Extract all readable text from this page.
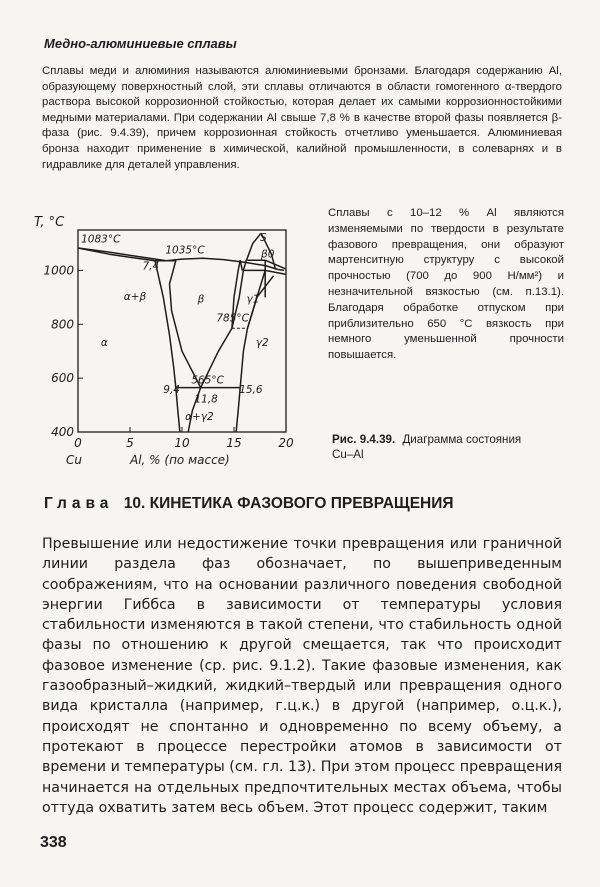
Медно-алюминиевые сплавы
Сплавы меди и алюминия называются алюминиевыми бронзами. Благодаря содержанию Al, образующему поверхностный слой, эти сплавы отличаются в области гомогенного α-твердого раствора высокой коррозионной стойкостью, которая делает их самыми коррозионностойкими медными материалами. При содержании Al свыше 7,8 % в качестве второй фазы появляется β-фаза (рис. 9.4.39), причем коррозионная стойкость отчетливо уменьшается. Алюминиевая бронза находит применение в химической, калийной промышленности, в солеварнях и в гидравлике для деталей управления.
0	5	10	15	20
400
600
800
1000
T, °C
Cu	Al, % (по массе)
1083°C
1035°C
7,4
α+β	β
α
785°C
565°C
9,4
11,8
15,6
α+γ2
S
β0
γ1
γ2
Сплавы с 10–12 % Al являются изменяемыми по твердости в результате фазового превращения, они образуют мартенситную структуру с высокой прочностью (700 до 900 Н/мм²) и незначительной вязкостью (см. п.13.1). Благодаря обработке отпуском при приблизительно 650 °С вязкость при немного уменьшенной прочности повышается.
Рис. 9.4.39. Диаграмма состояния Cu–Al
Глава 10. КИНЕТИКА ФАЗОВОГО ПРЕВРАЩЕНИЯ
Превышение или недостижение точки превращения или граничной линии раздела фаз обозначает, по вышеприведенным соображениям, что на основании различного поведения свободной энергии Гиббса в зависимости от температуры условия стабильности изменяются в такой степени, что стабильность одной фазы по отношению к другой смещается, так что происходит фазовое изменение (ср. рис. 9.1.2). Такие фазовые изменения, как газообразный–жидкий, жидкий–твердый или превращения одного вида кристалла (например, г.ц.к.) в другой (например, о.ц.к.), происходят не спонтанно и одновременно по всему объему, а протекают в процессе перестройки атомов в зависимости от времени и температуры (см. гл. 13). При этом процесс превращения начинается на отдельных предпочтительных местах объема, чтобы оттуда охватить затем весь объем. Этот процесс содержит, таким
338
